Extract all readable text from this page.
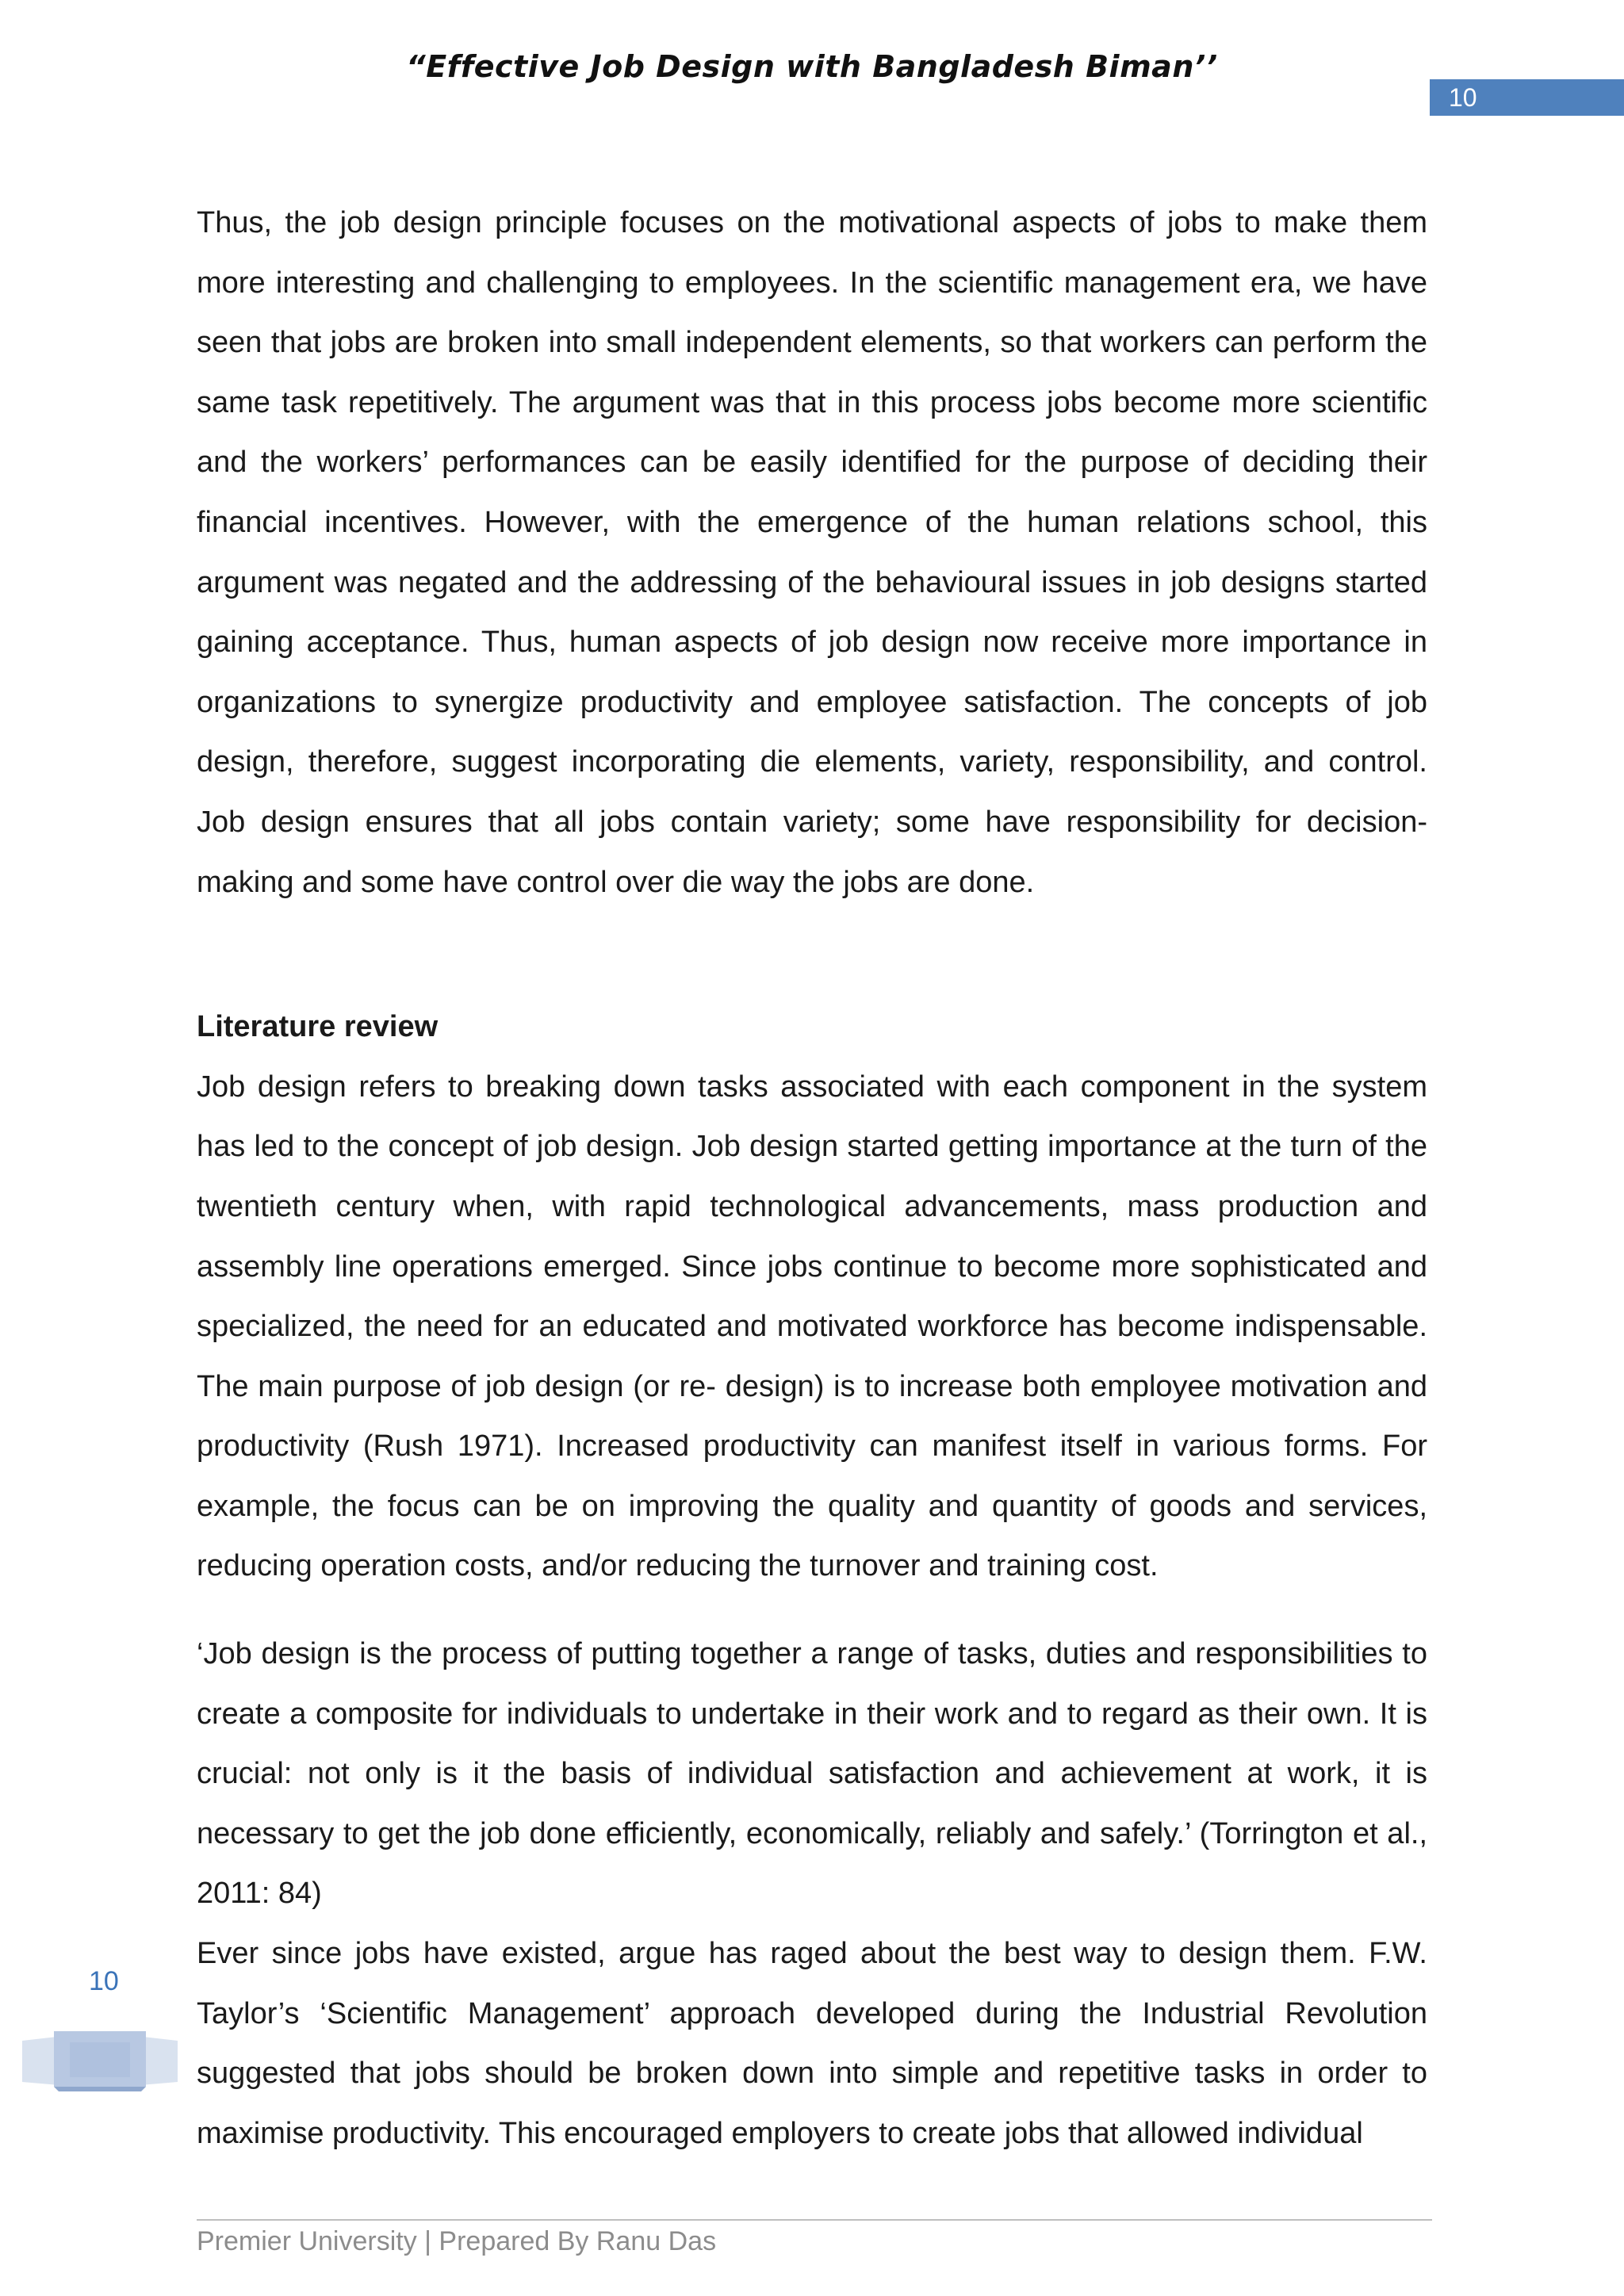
“Effective Job Design with Bangladesh Biman’’
10

Thus, the job design principle focuses on the motivational aspects of jobs to make them more interesting and challenging to employees. In the scientific management era, we have seen that jobs are broken into small independent elements, so that workers can perform the same task repetitively. The argument was that in this process jobs become more scientific and the workers’ performances can be easily identified for the purpose of deciding their financial incentives. However, with the emergence of the human relations school, this argument was negated and the addressing of the behavioural issues in job designs started gaining acceptance. Thus, human aspects of job design now receive more importance in organizations to synergize productivity and employee satisfaction. The concepts of job design, therefore, suggest incorporating die elements, variety, responsibility, and control. Job design ensures that all jobs contain variety; some have responsibility for decision-making and some have control over die way the jobs are done.

Literature review

Job design refers to breaking down tasks associated with each component in the system has led to the concept of job design. Job design started getting importance at the turn of the twentieth century when, with rapid technological advancements, mass production and assembly line operations emerged. Since jobs continue to become more sophisticated and specialized, the need for an educated and motivated workforce has become indispensable. The main purpose of job design (or re- design) is to increase both employee motivation and productivity (Rush 1971). Increased productivity can manifest itself in various forms. For example, the focus can be on improving the quality and quantity of goods and services, reducing operation costs, and/or reducing the turnover and training cost.

‘Job design is the process of putting together a range of tasks, duties and responsibilities to create a composite for individuals to undertake in their work and to regard as their own. It is crucial: not only is it the basis of individual satisfaction and achievement at work, it is necessary to get the job done efficiently, economically, reliably and safely.’ (Torrington et al., 2011: 84)

Ever since jobs have existed, argue has raged about the best way to design them. F.W. Taylor’s ‘Scientific Management’ approach developed during the Industrial Revolution suggested that jobs should be broken down into simple and repetitive tasks in order to maximise productivity. This encouraged employers to create jobs that allowed individual

10
Premier University | Prepared By Ranu Das
